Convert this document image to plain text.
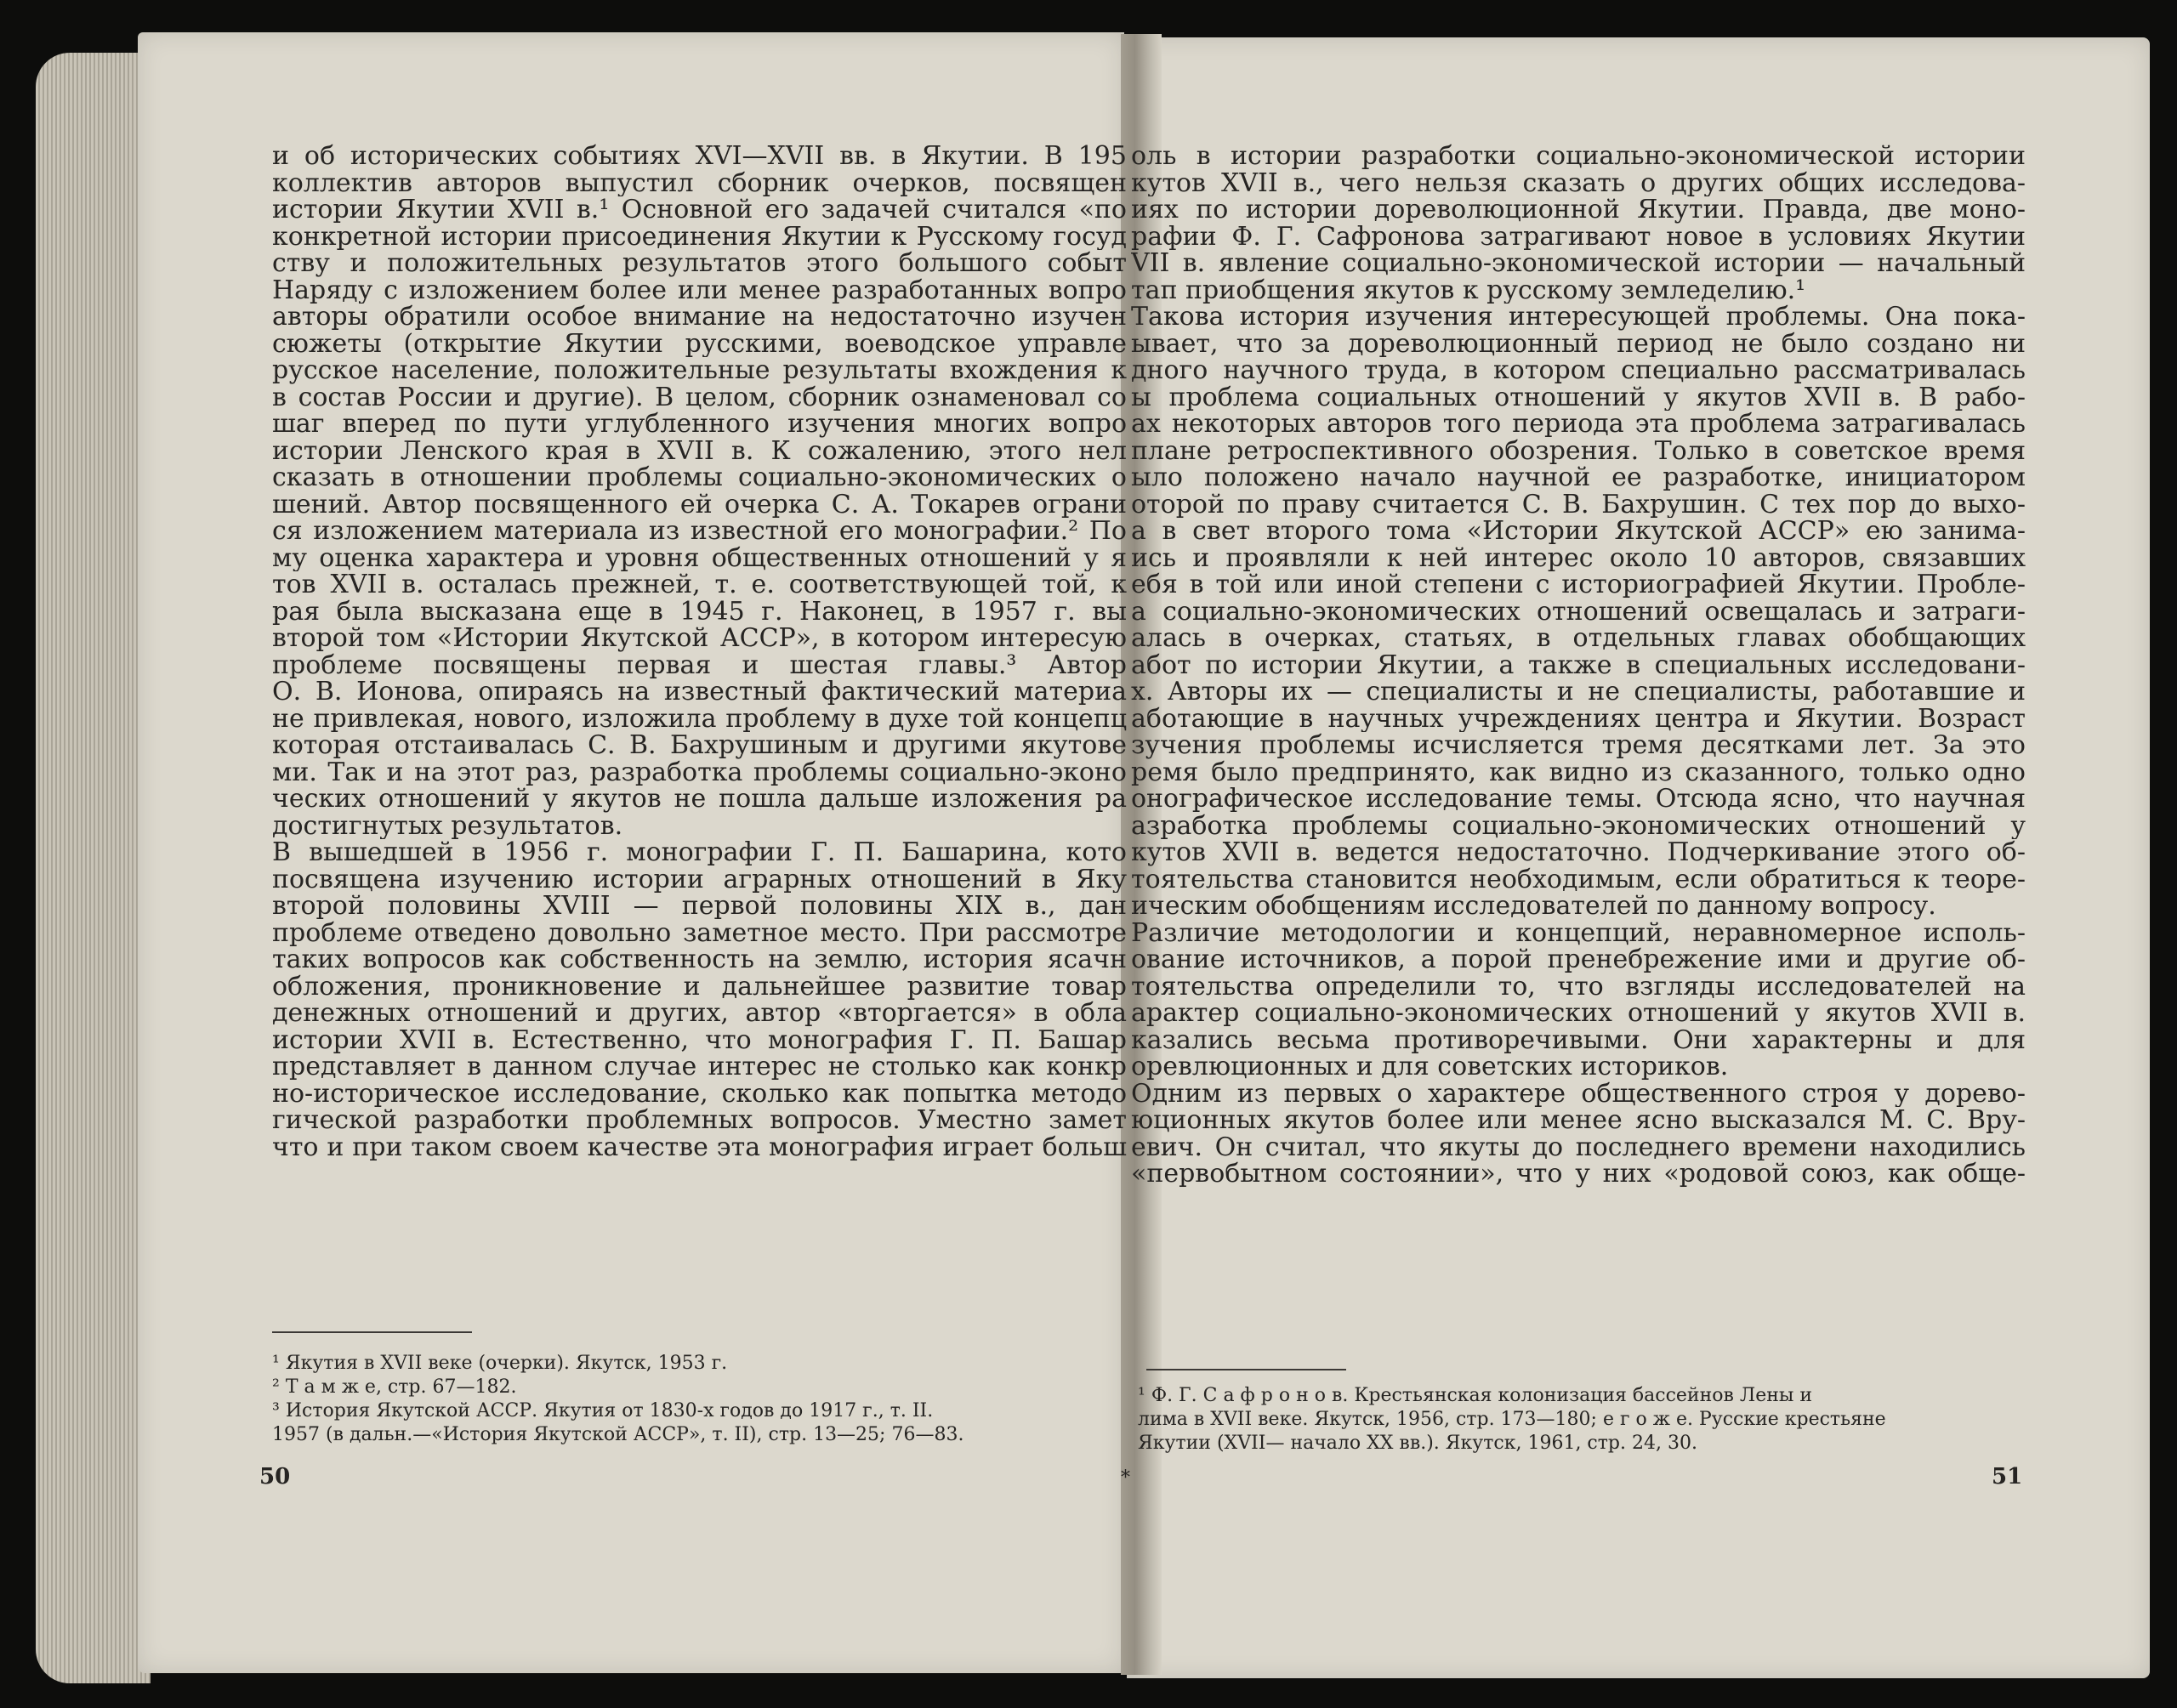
и об исторических событиях XVI—XVII вв. в Якутии. В 195
коллектив авторов выпустил сборник очерков, посвящен
истории Якутии XVII в.¹ Основной его задачей считался «по
конкретной истории присоединения Якутии к Русскому госуд
ству и положительных результатов этого большого событ
Наряду с изложением более или менее разработанных вопро
авторы обратили особое внимание на недостаточно изучен
сюжеты (открытие Якутии русскими, воеводское управле
русское население, положительные результаты вхождения к
в состав России и другие). В целом, сборник ознаменовал со
шаг вперед по пути углубленного изучения многих вопро
истории Ленского края в XVII в. К сожалению, этого нел
сказать в отношении проблемы социально-экономических о
шений. Автор посвященного ей очерка С. А. Токарев ограни
ся изложением материала из известной его монографии.² По
му оценка характера и уровня общественных отношений у я
тов XVII в. осталась прежней, т. е. соответствующей той, к
рая была высказана еще в 1945 г. Наконец, в 1957 г. вы
второй том «Истории Якутской АССР», в котором интересую
проблеме посвящены первая и шестая главы.³ Автор
О. В. Ионова, опираясь на известный фактический материа
не привлекая, нового, изложила проблему в духе той концепц
которая отстаивалась С. В. Бахрушиным и другими якутове
ми. Так и на этот раз, разработка проблемы социально-эконо
ческих отношений у якутов не пошла дальше изложения ра
достигнутых результатов.
В вышедшей в 1956 г. монографии Г. П. Башарина, кото
посвящена изучению истории аграрных отношений в Яку
второй половины XVIII — первой половины XIX в., дан
проблеме отведено довольно заметное место. При рассмотре
таких вопросов как собственность на землю, история ясачн
обложения, проникновение и дальнейшее развитие товар
денежных отношений и других, автор «вторгается» в обла
истории XVII в. Естественно, что монография Г. П. Башар
представляет в данном случае интерес не столько как конкр
но-историческое исследование, сколько как попытка методо
гической разработки проблемных вопросов. Уместно замет
что и при таком своем качестве эта монография играет больш
¹ Якутия в XVII веке (очерки). Якутск, 1953 г.
² Т а м ж е, стр. 67—182.
³ История Якутской АССР. Якутия от 1830-х годов до 1917 г., т. II.
1957 (в дальн.—«История Якутской АССР», т. II), стр. 13—25; 76—83.
50
оль в истории разработки социально-экономической истории
кутов XVII в., чего нельзя сказать о других общих исследова-
иях по истории дореволюционной Якутии. Правда, две моно-
рафии Ф. Г. Сафронова затрагивают новое в условиях Якутии
VII в. явление социально-экономической истории — начальный
тап приобщения якутов к русскому земледелию.¹
Такова история изучения интересующей проблемы. Она пока-
ывает, что за дореволюционный период не было создано ни
дного научного труда, в котором специально рассматривалась
ы проблема социальных отношений у якутов XVII в. В рабо-
ах некоторых авторов того периода эта проблема затрагивалась
плане ретроспективного обозрения. Только в советское время
ыло положено начало научной ее разработке, инициатором
оторой по праву считается С. В. Бахрушин. С тех пор до выхо-
а в свет второго тома «Истории Якутской АССР» ею занима-
ись и проявляли к ней интерес около 10 авторов, связавших
ебя в той или иной степени с историографией Якутии. Пробле-
а социально-экономических отношений освещалась и затраги-
алась в очерках, статьях, в отдельных главах обобщающих
абот по истории Якутии, а также в специальных исследовани-
х. Авторы их — специалисты и не специалисты, работавшие и
аботающие в научных учреждениях центра и Якутии. Возраст
зучения проблемы исчисляется тремя десятками лет. За это
ремя было предпринято, как видно из сказанного, только одно
онографическое исследование темы. Отсюда ясно, что научная
азработка проблемы социально-экономических отношений у
кутов XVII в. ведется недостаточно. Подчеркивание этого об-
тоятельства становится необходимым, если обратиться к теоре-
ическим обобщениям исследователей по данному вопросу.
Различие методологии и концепций, неравномерное исполь-
ование источников, а порой пренебрежение ими и другие об-
тоятельства определили то, что взгляды исследователей на
арактер социально-экономических отношений у якутов XVII в.
казались весьма противоречивыми. Они характерны и для
оревлюционных и для советских историков.
Одним из первых о характере общественного строя у дорево-
юционных якутов более или менее ясно высказался М. С. Вру-
евич. Он считал, что якуты до последнего времени находились
«первобытном состоянии», что у них «родовой союз, как обще-
¹ Ф. Г. С а ф р о н о в. Крестьянская колонизация бассейнов Лены и
лима в XVII веке. Якутск, 1956, стр. 173—180; е г о ж е. Русские крестьяне
Якутии (XVII— начало XX вв.). Якутск, 1961, стр. 24, 30.
*	51
